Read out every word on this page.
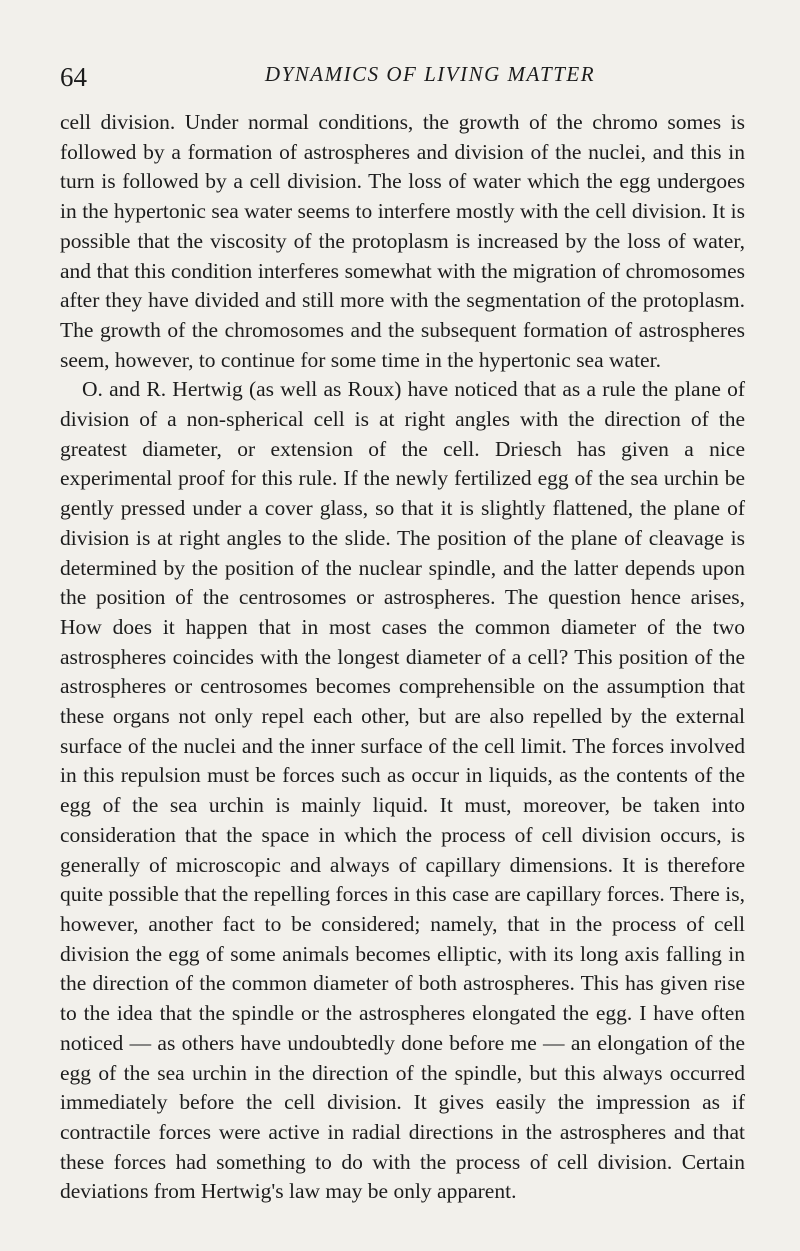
64	DYNAMICS OF LIVING MATTER

cell division. Under normal conditions, the growth of the chromo somes is followed by a formation of astrospheres and division of the nuclei, and this in turn is followed by a cell division. The loss of water which the egg undergoes in the hypertonic sea water seems to interfere mostly with the cell division. It is possible that the viscosity of the protoplasm is increased by the loss of water, and that this condition interferes somewhat with the migration of chromosomes after they have divided and still more with the segmentation of the protoplasm. The growth of the chromosomes and the subsequent formation of astrospheres seem, however, to continue for some time in the hypertonic sea water.

O. and R. Hertwig (as well as Roux) have noticed that as a rule the plane of division of a non-spherical cell is at right angles with the direction of the greatest diameter, or extension of the cell. Driesch has given a nice experimental proof for this rule. If the newly fertilized egg of the sea urchin be gently pressed under a cover glass, so that it is slightly flattened, the plane of division is at right angles to the slide. The position of the plane of cleavage is determined by the position of the nuclear spindle, and the latter depends upon the position of the centrosomes or astrospheres. The question hence arises, How does it happen that in most cases the common diameter of the two astrospheres coincides with the longest diameter of a cell? This position of the astrospheres or centrosomes becomes comprehensible on the assumption that these organs not only repel each other, but are also repelled by the external surface of the nuclei and the inner surface of the cell limit. The forces involved in this repulsion must be forces such as occur in liquids, as the contents of the egg of the sea urchin is mainly liquid. It must, moreover, be taken into consideration that the space in which the process of cell division occurs, is generally of microscopic and always of capillary dimensions. It is therefore quite possible that the repelling forces in this case are capillary forces. There is, however, another fact to be considered; namely, that in the process of cell division the egg of some animals becomes elliptic, with its long axis falling in the direction of the common diameter of both astrospheres. This has given rise to the idea that the spindle or the astrospheres elongated the egg. I have often noticed — as others have undoubtedly done before me — an elongation of the egg of the sea urchin in the direction of the spindle, but this always occurred immediately before the cell division. It gives easily the impression as if contractile forces were active in radial directions in the astrospheres and that these forces had something to do with the process of cell division. Certain deviations from Hertwig's law may be only apparent.
